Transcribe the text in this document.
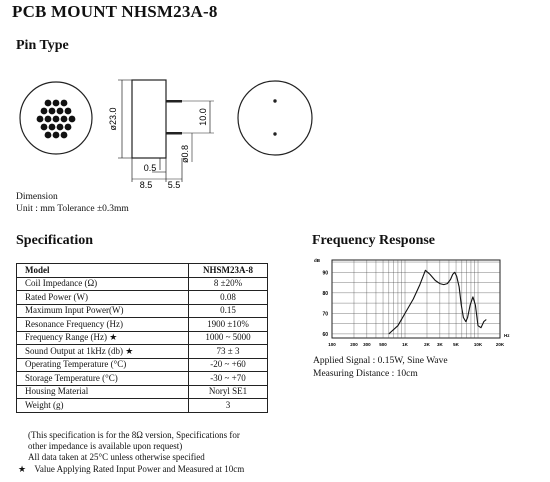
PCB MOUNT NHSM23A-8
Pin Type
ø23.0	10.0
ø0.8
0.5
8.5 5.5
Dimension
Unit : mm Tolerance ±0.3mm
Specification	Frequency Response
Model	NHSM23A-8
Coil Impedance (Ω)	8 ±20%
Rated Power (W)	0.08
Maximum Input Power(W)	0.15
Resonance Frequency (Hz)	1900 ±10%
Frequency Range (Hz) ★	1000 ~ 5000
Sound Output at 1kHz (db) ★	73 ± 3
Operating Temperature (°C)	-20 ~ +60
Storage Temperature (°C)	-30 ~ +70
Housing Material	Noryl SE1
Weight (g)	3
(This specification is for the 8Ω version, Specifications for
other impedance is available upon request)
All data taken at 25°C unless otherwise specified
★ Value Applying Rated Input Power and Measured at 10cm
60
70
80
90
dB
100	200 300 500	1K	2K 3K 5K	10K	20K
Hz
Applied Signal : 0.15W, Sine Wave
Measuring Distance : 10cm
